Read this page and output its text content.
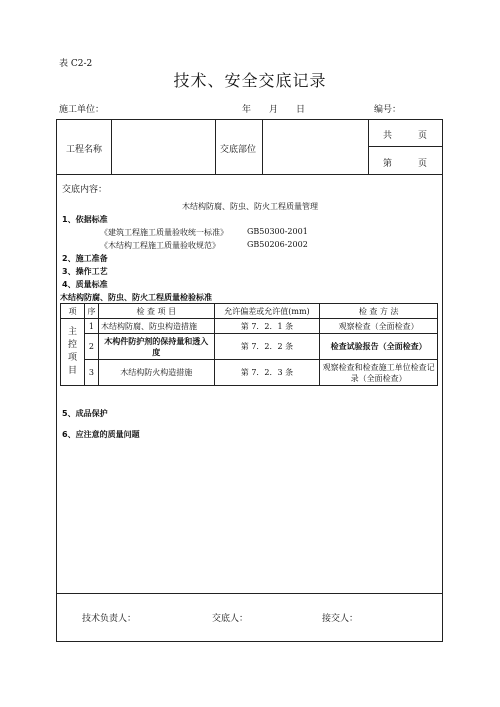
表 C2-2
技术、安全交底记录
施工单位：	年 月 日	编号：
工程名称	交底部位
共	页
第	页
交底内容：
木结构防腐、防虫、防火工程质量管理
1、依据标准
《建筑工程施工质量验收统一标准》 GB50300-2001
《木结构工程施工质量验收规范》	GB50206-2002
2、施工准备
3、操作工艺
4、质量标准
木结构防腐、防虫、防火工程质量检验标准
项	序	检 查 项 目	允许偏差或允许值(mm)	检 查 方 法
主控项目	1	木结构防腐、防虫构造措施	第 7．2．1 条	观察检查（全面检查）
	2	木构件防护剂的保持量和透入度	第 7．2．2 条	检查试验报告（全面检查）
	3	木结构防火构造措施	第 7．2．3 条	观察检查和检查施工单位检查记录（全面检查）
5、成品保护
6、应注意的质量问题
技术负责人：	交底人：	接交人：
